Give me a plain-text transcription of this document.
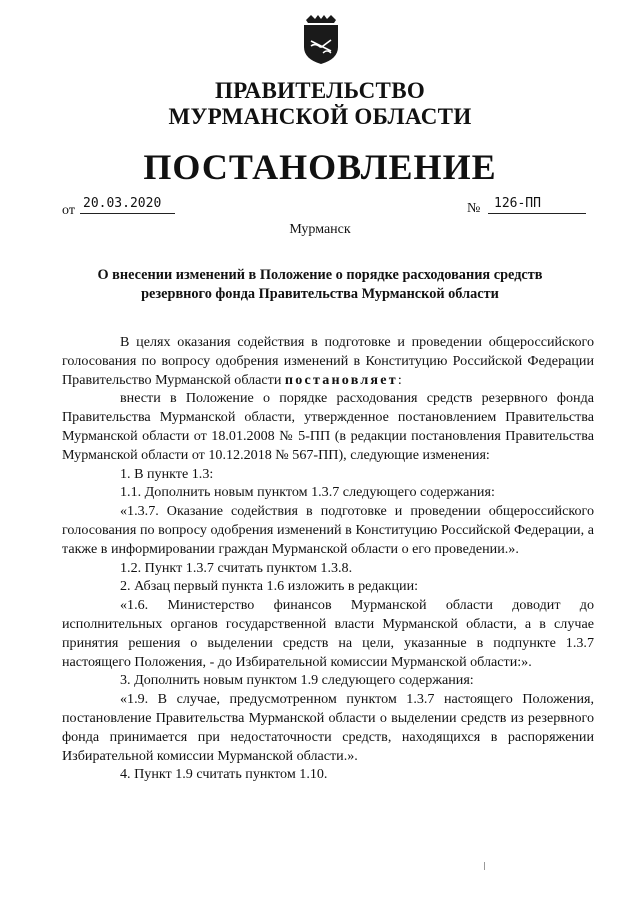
ПРАВИТЕЛЬСТВО
МУРМАНСКОЙ ОБЛАСТИ
ПОСТАНОВЛЕНИЕ
от 20.03.2020	№	126-ПП
Мурманск
О внесении изменений в Положение о порядке расходования средств резервного фонда Правительства Мурманской области

В целях оказания содействия в подготовке и проведении общероссийского голосования по вопросу одобрения изменений в Конституцию Российской Федерации Правительство Мурманской области постановляет:

внести в Положение о порядке расходования средств резервного фонда Правительства Мурманской области, утвержденное постановлением Правительства Мурманской области от 18.01.2008 № 5-ПП (в редакции постановления Правительства Мурманской области от 10.12.2018 № 567-ПП), следующие изменения:

1. В пункте 1.3:

1.1. Дополнить новым пунктом 1.3.7 следующего содержания:

«1.3.7. Оказание содействия в подготовке и проведении общероссийского голосования по вопросу одобрения изменений в Конституцию Российской Федерации, а также в информировании граждан Мурманской области о его проведении.».

1.2. Пункт 1.3.7 считать пунктом 1.3.8.

2. Абзац первый пункта 1.6 изложить в редакции:

«1.6. Министерство финансов Мурманской области доводит до исполнительных органов государственной власти Мурманской области, а в случае принятия решения о выделении средств на цели, указанные в подпункте 1.3.7 настоящего Положения, - до Избирательной комиссии Мурманской области:».

3. Дополнить новым пунктом 1.9 следующего содержания:

«1.9. В случае, предусмотренном пунктом 1.3.7 настоящего Положения, постановление Правительства Мурманской области о выделении средств из резервного фонда принимается при недостаточности средств, находящихся в распоряжении Избирательной комиссии Мурманской области.».

4. Пункт 1.9 считать пунктом 1.10.
